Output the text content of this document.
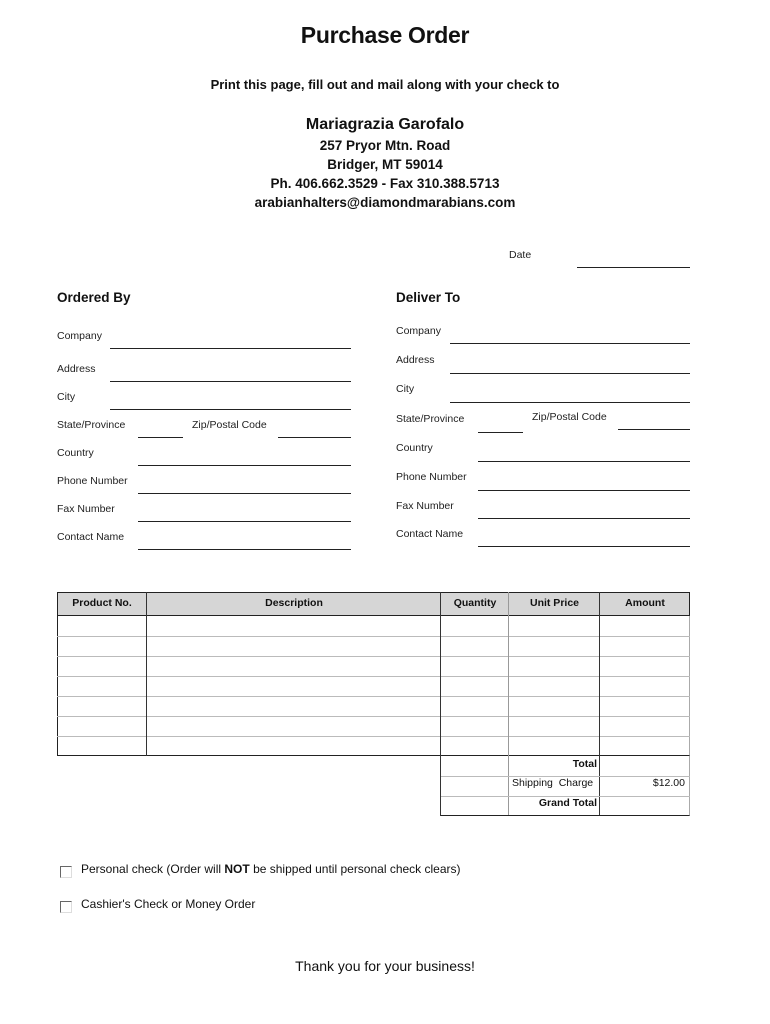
Purchase Order
Print this page, fill out and mail along with your check to
Mariagrazia Garofalo
257 Pryor Mtn. Road
Bridger, MT 59014
Ph. 406.662.3529 - Fax 310.388.5713
arabianhalters@diamondmarabians.com
Date
Ordered By
Company
Address
City
State/Province	Zip/Postal Code
Country
Phone Number
Fax Number
Contact Name
Deliver To
Company
Address
City
State/Province	Zip/Postal Code
Country
Phone Number
Fax Number
Contact Name
Product No.	Description	Quantity	Unit Price	Amount
Total
Shipping  Charge	$12.00
Grand Total
Personal check (Order will NOT be shipped until personal check clears)
Cashier's Check or Money Order
Thank you for your business!
